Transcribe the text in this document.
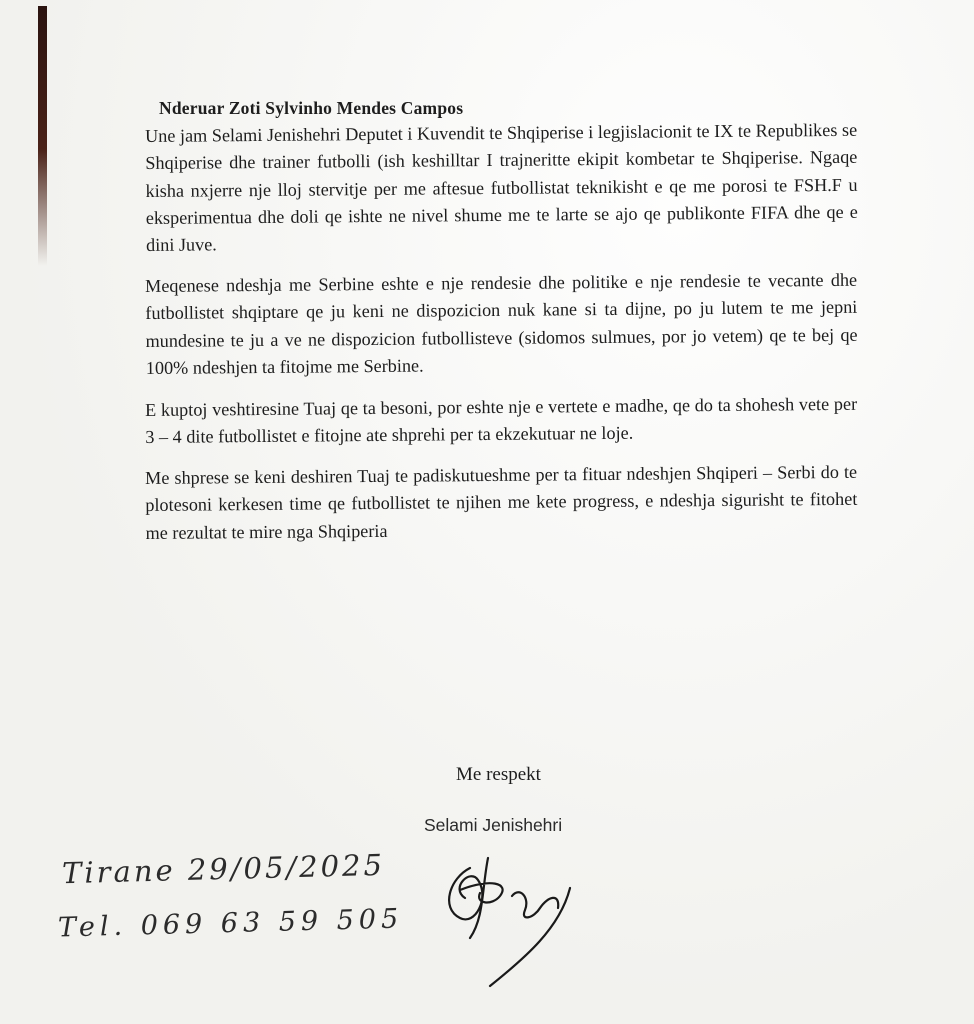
Nderuar Zoti Sylvinho Mendes Campos

Une jam Selami Jenishehri Deputet i Kuvendit te Shqiperise i legjislacionit te IX te Republikes se Shqiperise dhe trainer futbolli (ish keshilltar I trajneritte ekipit kombetar te Shqiperise. Ngaqe kisha nxjerre nje lloj stervitje per me aftesue futbollistat teknikisht e qe me porosi te FSH.F u eksperimentua dhe doli qe ishte ne nivel shume me te larte se ajo qe publikonte FIFA dhe qe e dini Juve.

Meqenese ndeshja me Serbine eshte e nje rendesie dhe politike e nje rendesie te vecante dhe futbollistet shqiptare qe ju keni ne dispozicion nuk kane si ta dijne, po ju lutem te me jepni mundesine te ju a ve ne dispozicion futbollisteve (sidomos sulmues, por jo vetem) qe te bej qe 100% ndeshjen ta fitojme me Serbine.

E kuptoj veshtiresine Tuaj qe ta besoni, por eshte nje e vertete e madhe, qe do ta shohesh vete per 3 – 4 dite futbollistet e fitojne ate shprehi per ta ekzekutuar ne loje.

Me shprese se keni deshiren Tuaj te padiskutueshme per ta fituar ndeshjen Shqiperi – Serbi do te plotesoni kerkesen time qe futbollistet te njihen me kete progress, e ndeshja sigurisht te fitohet me rezultat te mire nga Shqiperia

Me respekt
Selami Jenishehri
Tirane 29/05/2025
Tel. 069 63 59 505
